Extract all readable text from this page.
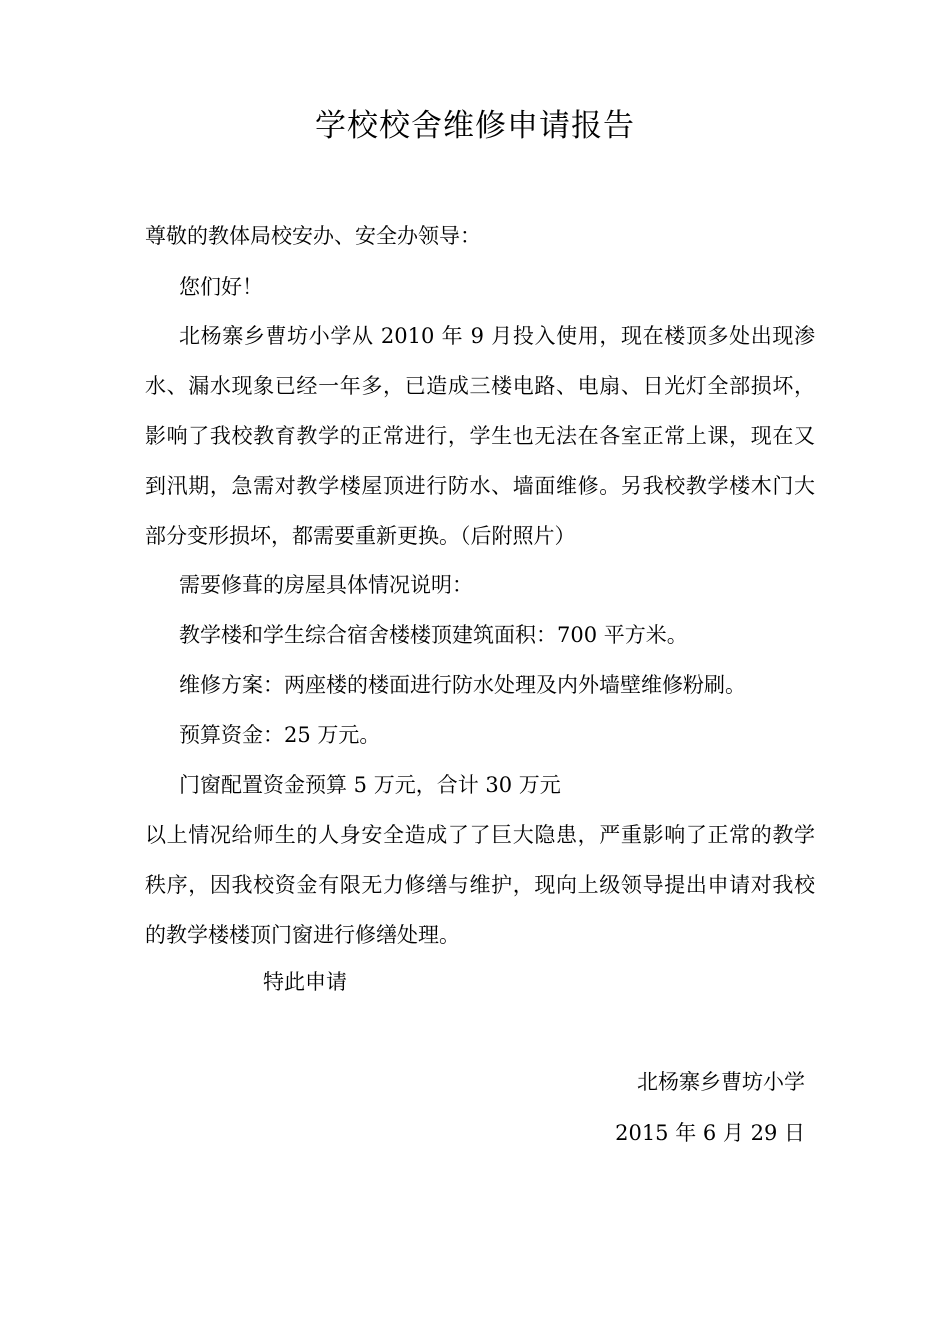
学校校舍维修申请报告
尊敬的教体局校安办、安全办领导：
您们好！
北杨寨乡曹坊小学从 2010 年 9 月投入使用，现在楼顶多处出现渗水、漏水现象已经一年多，已造成三楼电路、电扇、日光灯全部损坏，影响了我校教育教学的正常进行，学生也无法在各室正常上课，现在又到汛期，急需对教学楼屋顶进行防水、墙面维修。另我校教学楼木门大部分变形损坏，都需要重新更换。（后附照片）
需要修葺的房屋具体情况说明：
教学楼和学生综合宿舍楼楼顶建筑面积：700 平方米。
维修方案：两座楼的楼面进行防水处理及内外墙壁维修粉刷。
预算资金：25 万元。
门窗配置资金预算 5 万元，合计 30 万元
以上情况给师生的人身安全造成了了巨大隐患，严重影响了正常的教学秩序，因我校资金有限无力修缮与维护，现向上级领导提出申请对我校的教学楼楼顶门窗进行修缮处理。
特此申请
北杨寨乡曹坊小学
2015 年 6 月 29 日
